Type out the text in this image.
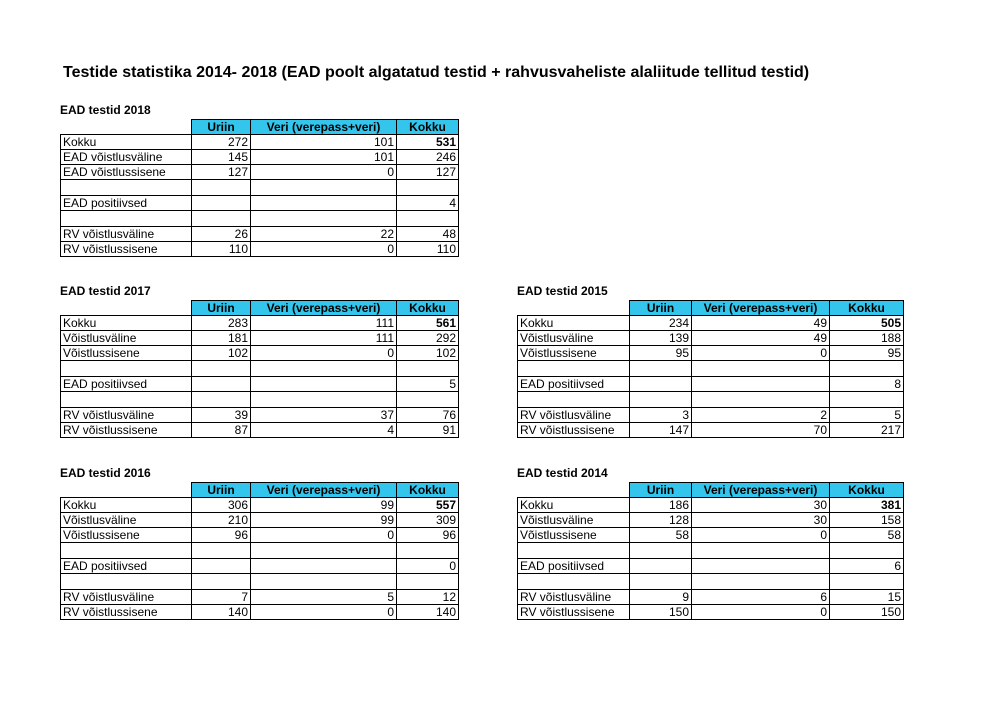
Testide statistika 2014- 2018 (EAD poolt algatatud testid + rahvusvaheliste alaliitude tellitud testid)
EAD testid 2018
	Uriin	Veri (verepass+veri)	Kokku
Kokku	272	101	531
EAD võistlusväline	145	101	246
EAD võistlussisene	127	0	127

EAD positiivsed			4

RV võistlusväline	26	22	48
RV võistlussisene	110	0	110
EAD testid 2017
	Uriin	Veri (verepass+veri)	Kokku
Kokku	283	111	561
Võistlusväline	181	111	292
Võistlussisene	102	0	102

EAD positiivsed			5

RV võistlusväline	39	37	76
RV võistlussisene	87	4	91
EAD testid 2015
	Uriin	Veri (verepass+veri)	Kokku
Kokku	234	49	505
Võistlusväline	139	49	188
Võistlussisene	95	0	95

EAD positiivsed			8

RV võistlusväline	3	2	5
RV võistlussisene	147	70	217
EAD testid 2016
	Uriin	Veri (verepass+veri)	Kokku
Kokku	306	99	557
Võistlusväline	210	99	309
Võistlussisene	96	0	96

EAD positiivsed			0

RV võistlusväline	7	5	12
RV võistlussisene	140	0	140
EAD testid 2014
	Uriin	Veri (verepass+veri)	Kokku
Kokku	186	30	381
Võistlusväline	128	30	158
Võistlussisene	58	0	58

EAD positiivsed			6

RV võistlusväline	9	6	15
RV võistlussisene	150	0	150
